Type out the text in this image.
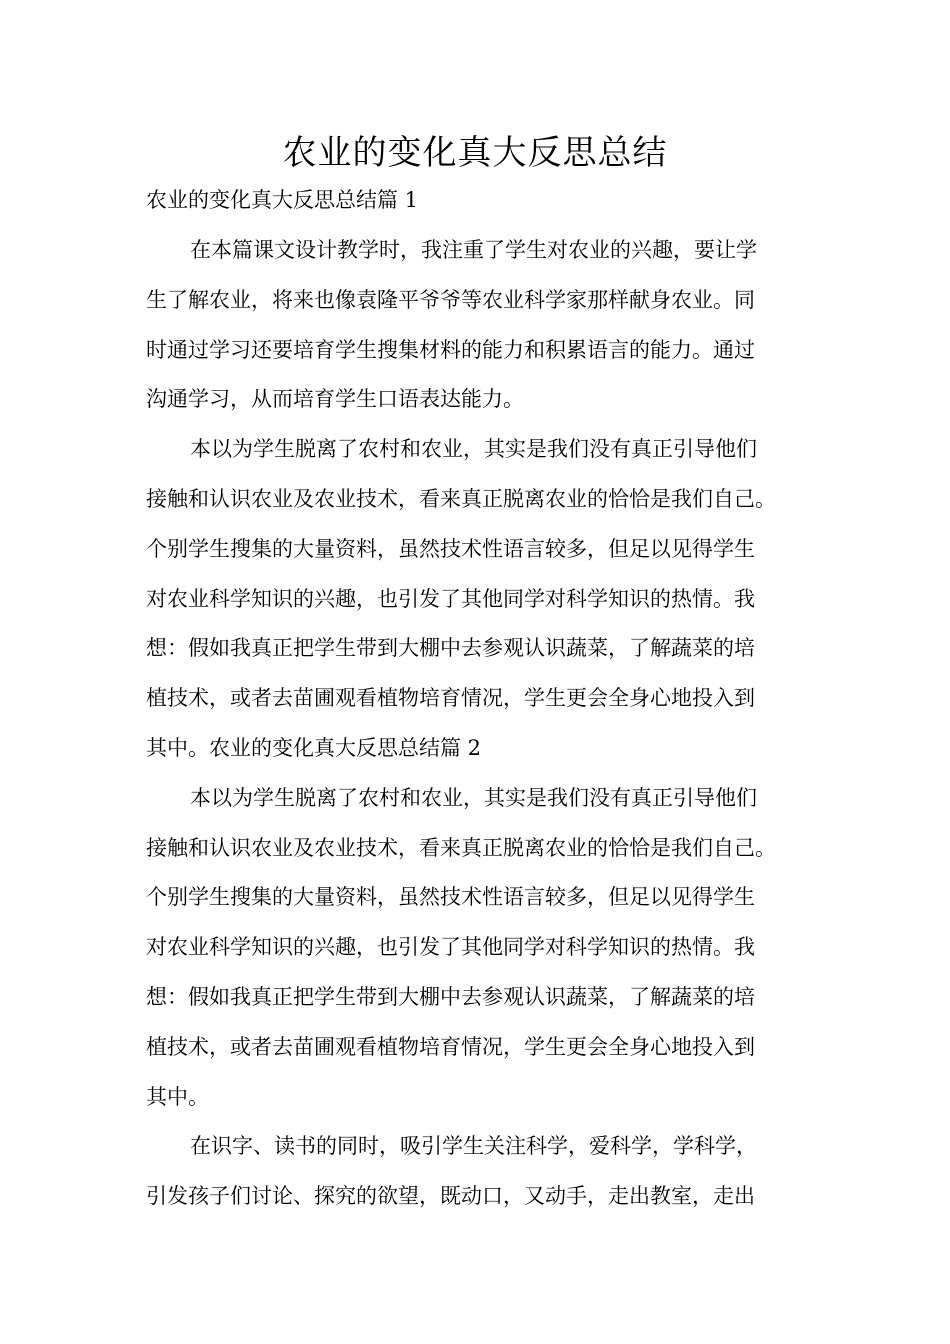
农业的变化真大反思总结

农业的变化真大反思总结篇 1

在本篇课文设计教学时，我注重了学生对农业的兴趣，要让学

生了解农业，将来也像袁隆平爷爷等农业科学家那样献身农业。同

时通过学习还要培育学生搜集材料的能力和积累语言的能力。通过

沟通学习，从而培育学生口语表达能力。

本以为学生脱离了农村和农业，其实是我们没有真正引导他们

接触和认识农业及农业技术，看来真正脱离农业的恰恰是我们自己。

个别学生搜集的大量资料，虽然技术性语言较多，但足以见得学生

对农业科学知识的兴趣，也引发了其他同学对科学知识的热情。我

想：假如我真正把学生带到大棚中去参观认识蔬菜，了解蔬菜的培

植技术，或者去苗圃观看植物培育情况，学生更会全身心地投入到

其中。农业的变化真大反思总结篇 2

本以为学生脱离了农村和农业，其实是我们没有真正引导他们

接触和认识农业及农业技术，看来真正脱离农业的恰恰是我们自己。

个别学生搜集的大量资料，虽然技术性语言较多，但足以见得学生

对农业科学知识的兴趣，也引发了其他同学对科学知识的热情。我

想：假如我真正把学生带到大棚中去参观认识蔬菜，了解蔬菜的培

植技术，或者去苗圃观看植物培育情况，学生更会全身心地投入到

其中。

在识字、读书的同时，吸引学生关注科学，爱科学，学科学，

引发孩子们讨论、探究的欲望，既动口，又动手，走出教室，走出
